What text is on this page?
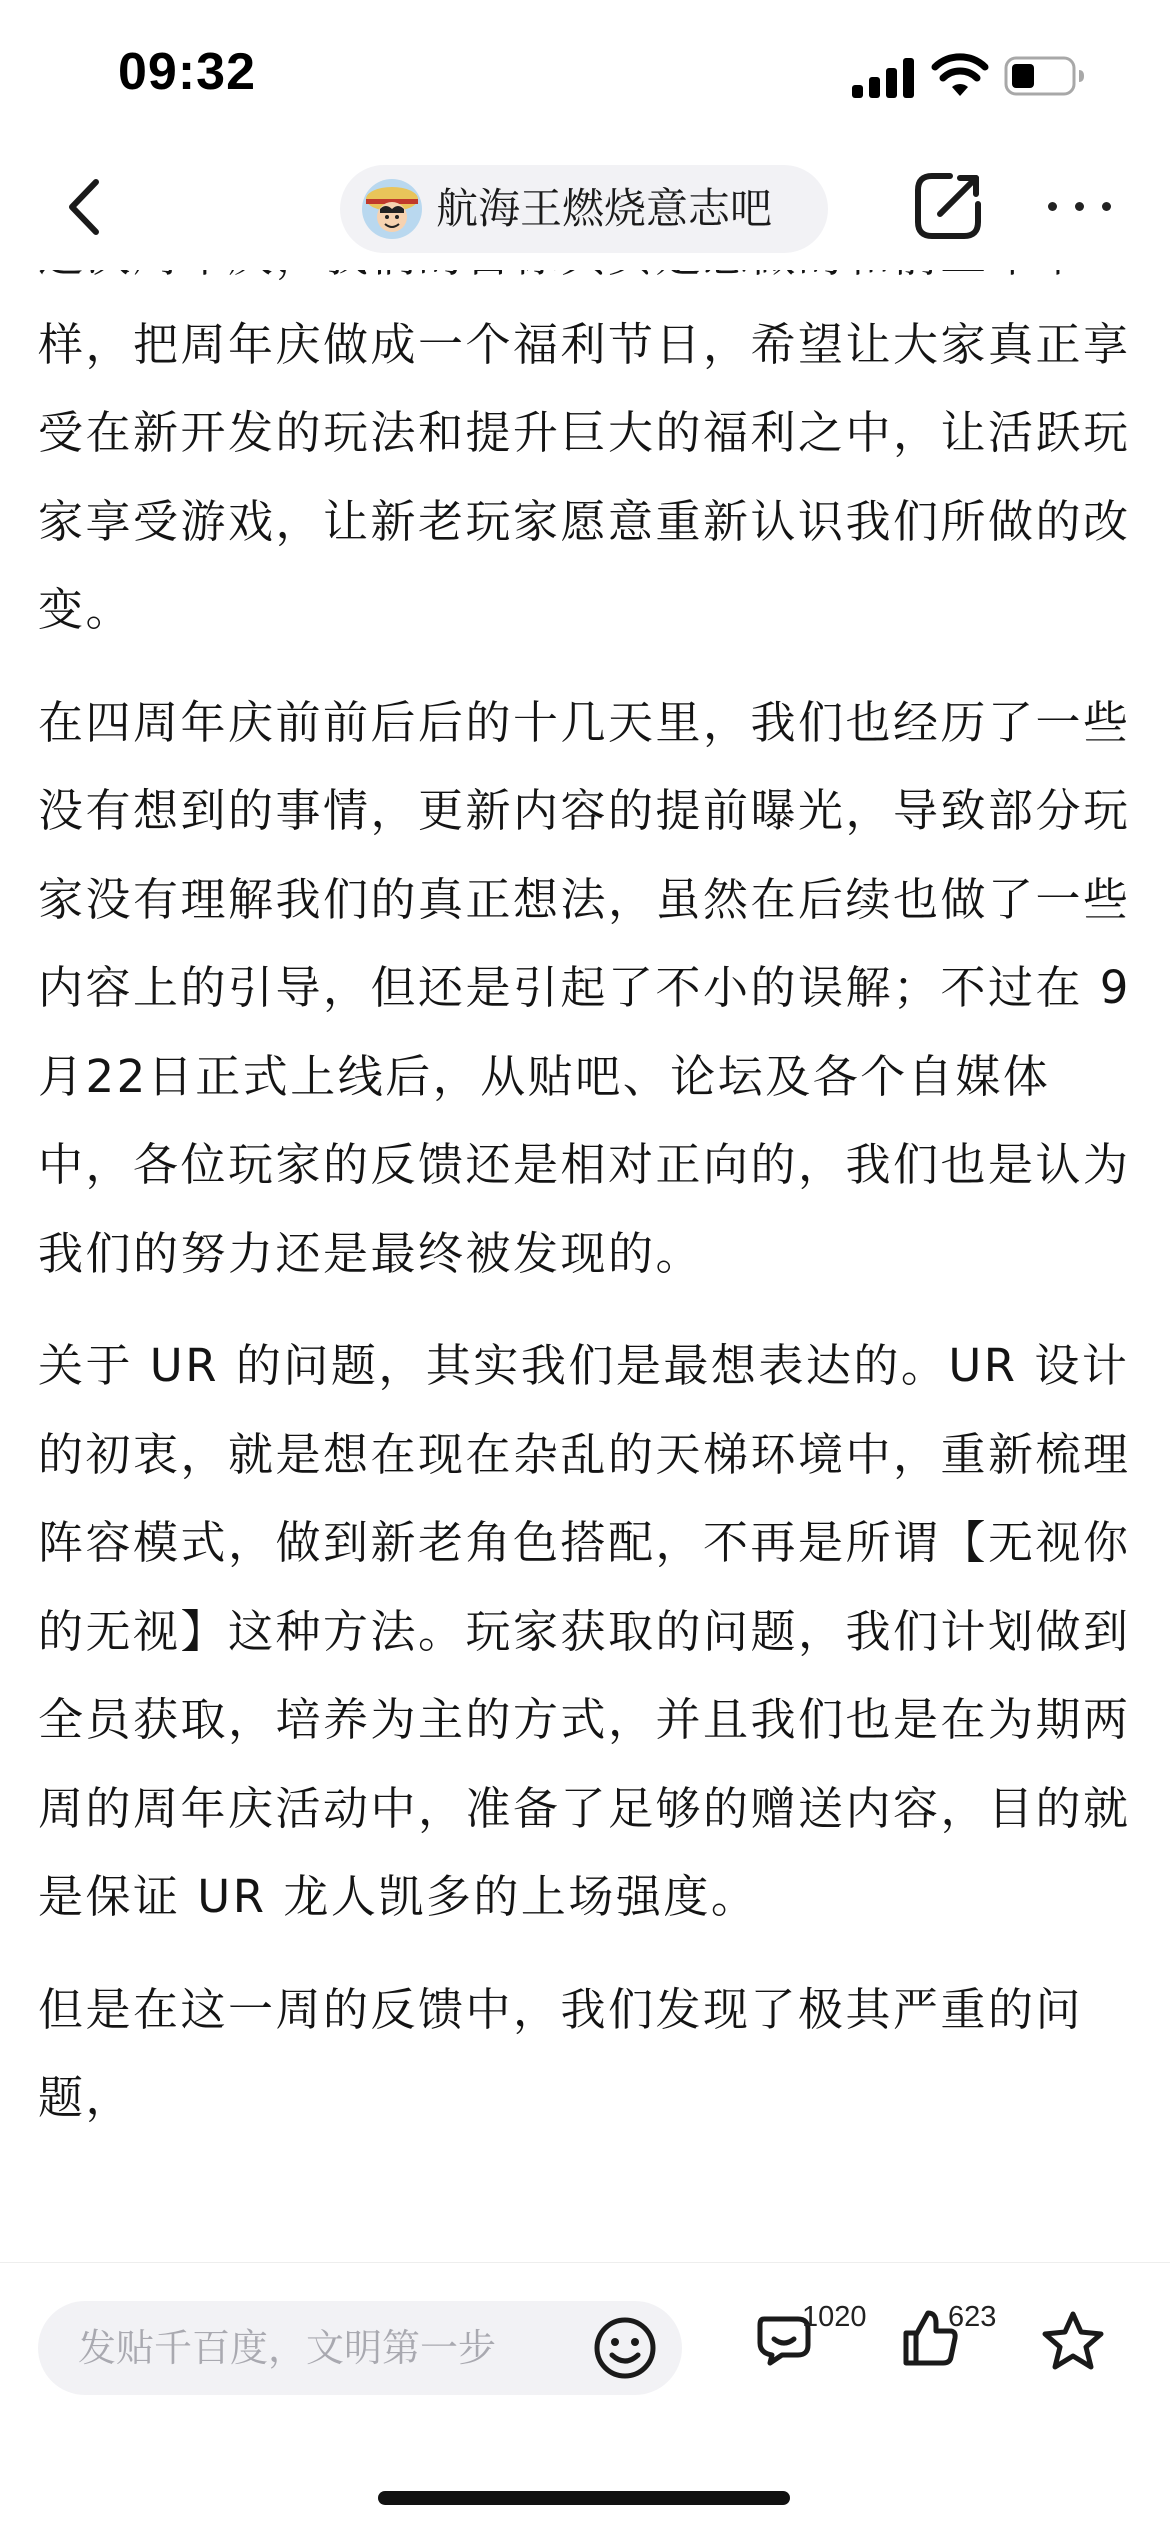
09:32
航海王燃烧意志吧

样，把周年庆做成一个福利节日，希望让大家真正享受在新开发的玩法和提升巨大的福利之中，让活跃玩家享受游戏，让新老玩家愿意重新认识我们所做的改变。

在四周年庆前前后后的十几天里，我们也经历了一些没有想到的事情，更新内容的提前曝光，导致部分玩家没有理解我们的真正想法，虽然在后续也做了一些内容上的引导，但还是引起了不小的误解；不过在 9月22日正式上线后，从贴吧、论坛及各个自媒体中，各位玩家的反馈还是相对正向的，我们也是认为我们的努力还是最终被发现的。

关于 UR 的问题，其实我们是最想表达的。UR 设计的初衷，就是想在现在杂乱的天梯环境中，重新梳理阵容模式，做到新老角色搭配，不再是所谓【无视你的无视】这种方法。玩家获取的问题，我们计划做到全员获取，培养为主的方式，并且我们也是在为期两周的周年庆活动中，准备了足够的赠送内容，目的就是保证 UR 龙人凯多的上场强度。

但是在这一周的反馈中，我们发现了极其严重的问题，

发贴千百度，文明第一步
1020	623
